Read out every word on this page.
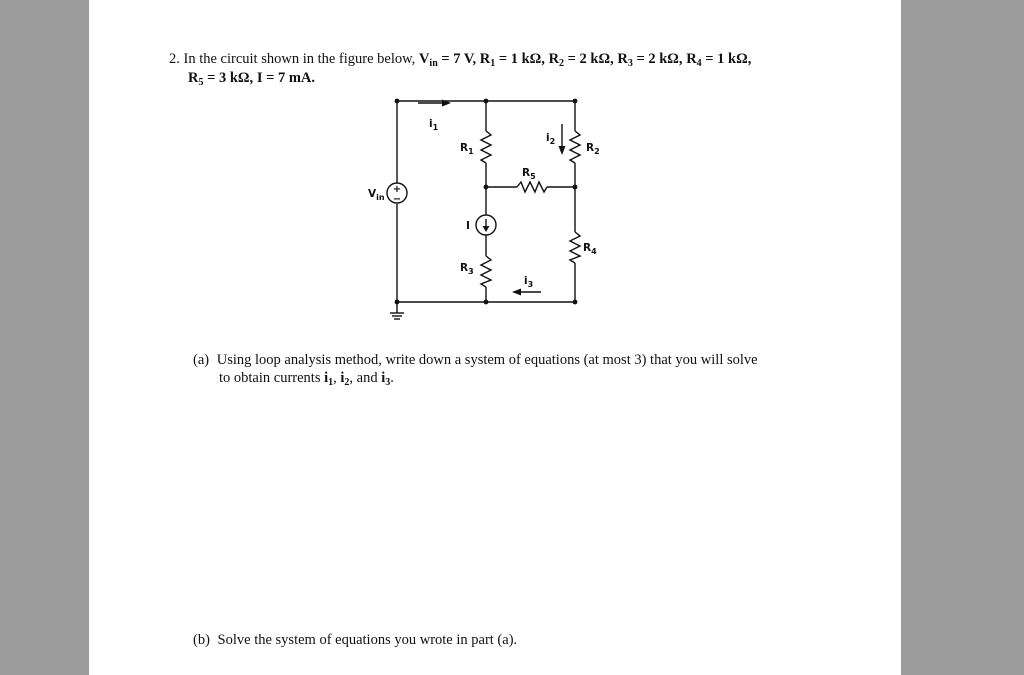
2. In the circuit shown in the figure below, $V_{in} = 7$ V, $R_1 = 1$ kΩ, $R_2 = 2$ kΩ, $R_3 = 2$ kΩ, $R_4 = 1$ kΩ,
$R_5 = 3$ kΩ, I = 7 mA.
+
−
$i_1$
$i_2$
$i_3$
$R_1$	$R_2$
$R_3$
$R_4$
$R_5$
$V_{in}$
I
(a) Using loop analysis method, write down a system of equations (at most 3) that you will solve
to obtain currents $i_1$, $i_2$, and $i_3$.
(b) Solve the system of equations you wrote in part (a).
